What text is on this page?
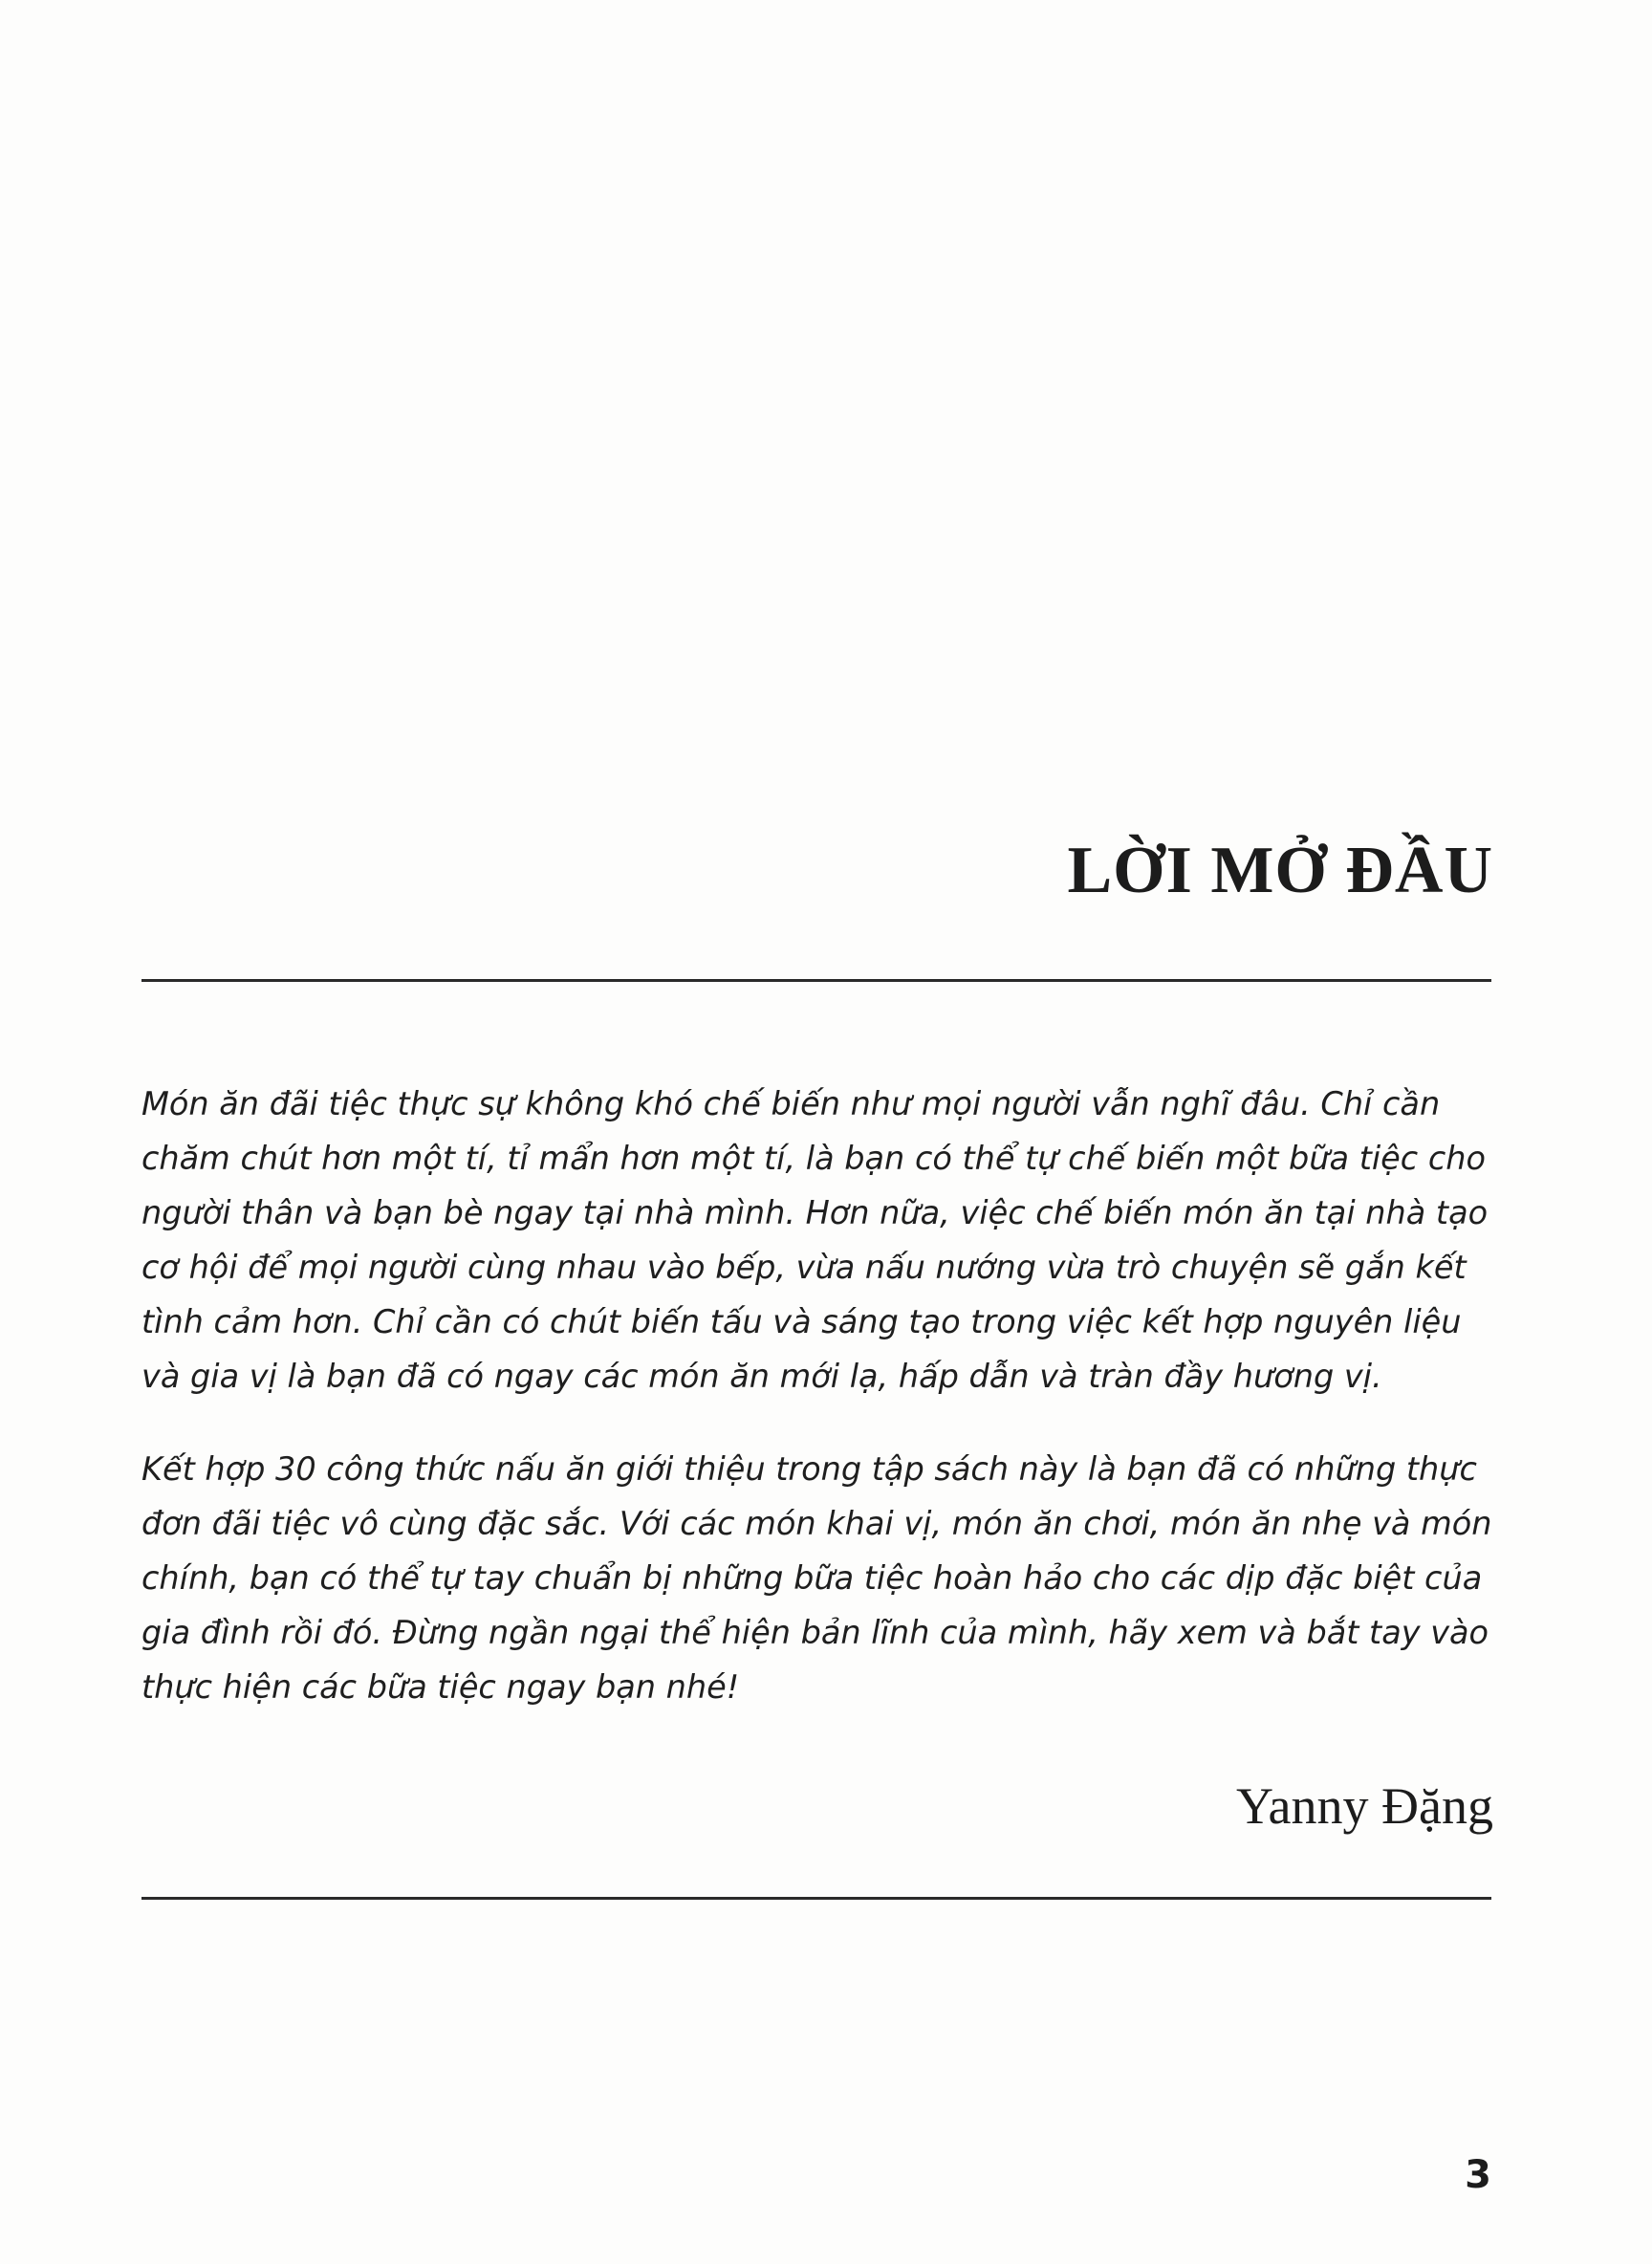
LỜI MỞ ĐẦU

Món ăn đãi tiệc thực sự không khó chế biến như mọi người vẫn nghĩ đâu. Chỉ cần chăm chút hơn một tí, tỉ mẩn hơn một tí, là bạn có thể tự chế biến một bữa tiệc cho người thân và bạn bè ngay tại nhà mình. Hơn nữa, việc chế biến món ăn tại nhà tạo cơ hội để mọi người cùng nhau vào bếp, vừa nấu nướng vừa trò chuyện sẽ gắn kết tình cảm hơn. Chỉ cần có chút biến tấu và sáng tạo trong việc kết hợp nguyên liệu và gia vị là bạn đã có ngay các món ăn mới lạ, hấp dẫn và tràn đầy hương vị.

Kết hợp 30 công thức nấu ăn giới thiệu trong tập sách này là bạn đã có những thực đơn đãi tiệc vô cùng đặc sắc. Với các món khai vị, món ăn chơi, món ăn nhẹ và món chính, bạn có thể tự tay chuẩn bị những bữa tiệc hoàn hảo cho các dịp đặc biệt của gia đình rồi đó. Đừng ngần ngại thể hiện bản lĩnh của mình, hãy xem và bắt tay vào thực hiện các bữa tiệc ngay bạn nhé!

Yanny Đặng

3
